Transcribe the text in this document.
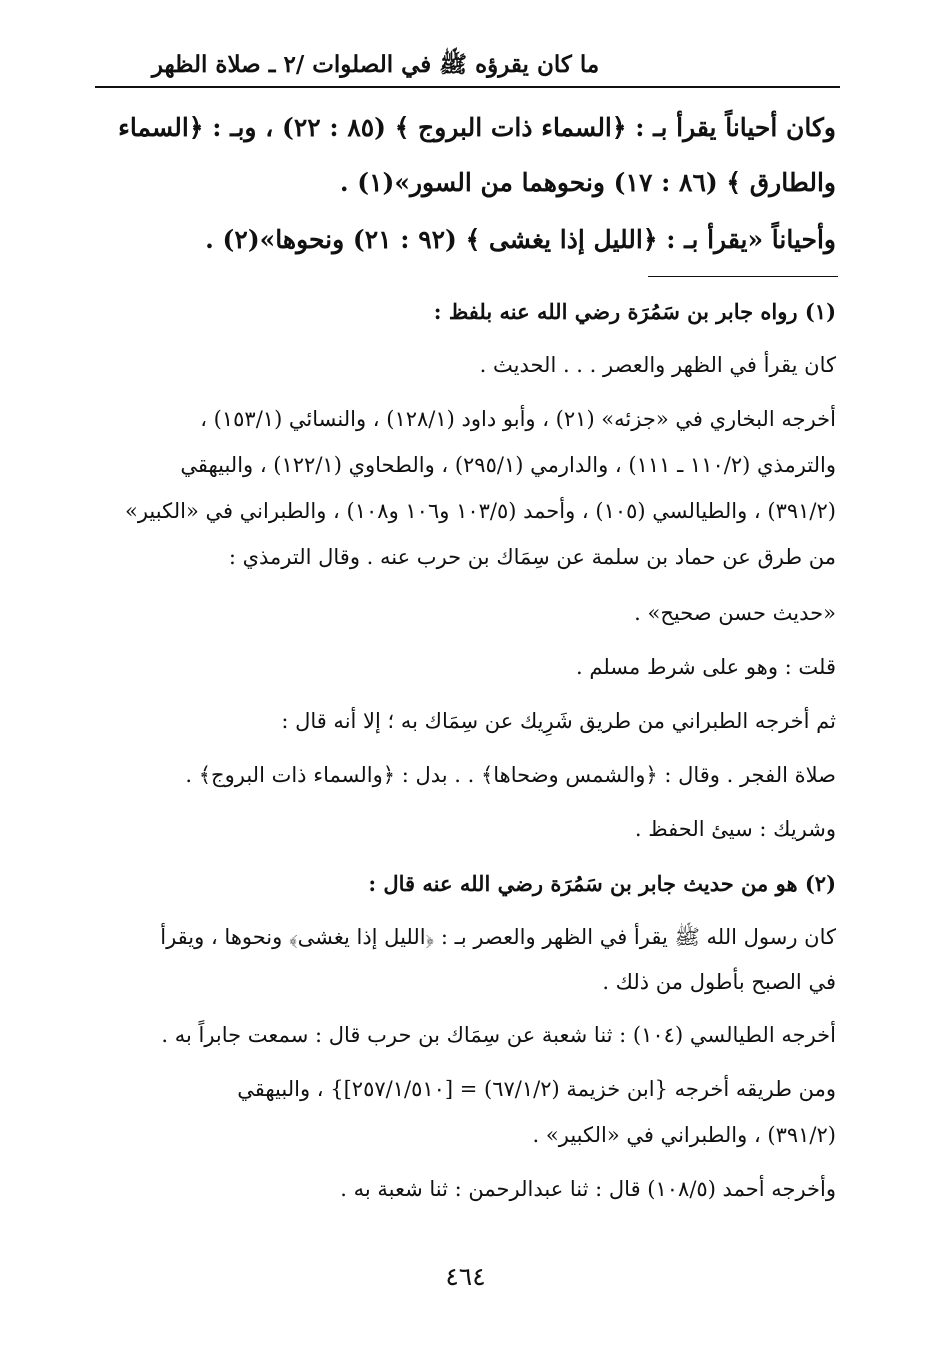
ما كان يقرؤه ﷺ في الصلوات /٢ ـ صلاة الظهر
وكان أحياناً يقرأ بـ : ﴿السماء ذات البروج ﴾ (٨٥ : ٢٢) ، وبـ : ﴿السماء
والطارق ﴾ (٨٦ : ١٧) ونحوهما من السور»(١) .
وأحياناً «يقرأ بـ : ﴿الليل إذا يغشى ﴾ (٩٢ : ٢١) ونحوها»(٢) .
(١) رواه جابر بن سَمُرَة رضي الله عنه بلفظ :
كان يقرأ في الظهر والعصر . . . الحديث .
أخرجه البخاري في «جزئه» (٢١) ، وأبو داود (١٢٨/١) ، والنسائي (١٥٣/١) ،
والترمذي (١١٠/٢ ـ ١١١) ، والدارمي (٢٩٥/١) ، والطحاوي (١٢٢/١) ، والبيهقي
(٣٩١/٢) ، والطيالسي (١٠٥) ، وأحمد (١٠٣/٥ و١٠٦ و١٠٨) ، والطبراني في «الكبير»
من طرق عن حماد بن سلمة عن سِمَاك بن حرب عنه . وقال الترمذي :
«حديث حسن صحيح» .
قلت : وهو على شرط مسلم .
ثم أخرجه الطبراني من طريق شَرِيك عن سِمَاك به ؛ إلا أنه قال :
صلاة الفجر . وقال : ﴿والشمس وضحاها﴾ . . بدل : ﴿والسماء ذات البروج﴾ .
وشريك : سيئ الحفظ .
(٢) هو من حديث جابر بن سَمُرَة رضي الله عنه قال :
كان رسول الله ﷺ يقرأ في الظهر والعصر بـ : ﴿الليل إذا يغشى﴾ ونحوها ، ويقرأ
في الصبح بأطول من ذلك .
أخرجه الطيالسي (١٠٤) : ثنا شعبة عن سِمَاك بن حرب قال : سمعت جابراً به .
ومن طريقه أخرجه {ابن خزيمة (٦٧/١/٢) = [٢٥٧/١/٥١٠]} ، والبيهقي
(٣٩١/٢) ، والطبراني في «الكبير» .
وأخرجه أحمد (١٠٨/٥) قال : ثنا عبدالرحمن : ثنا شعبة به .
٤٦٤
